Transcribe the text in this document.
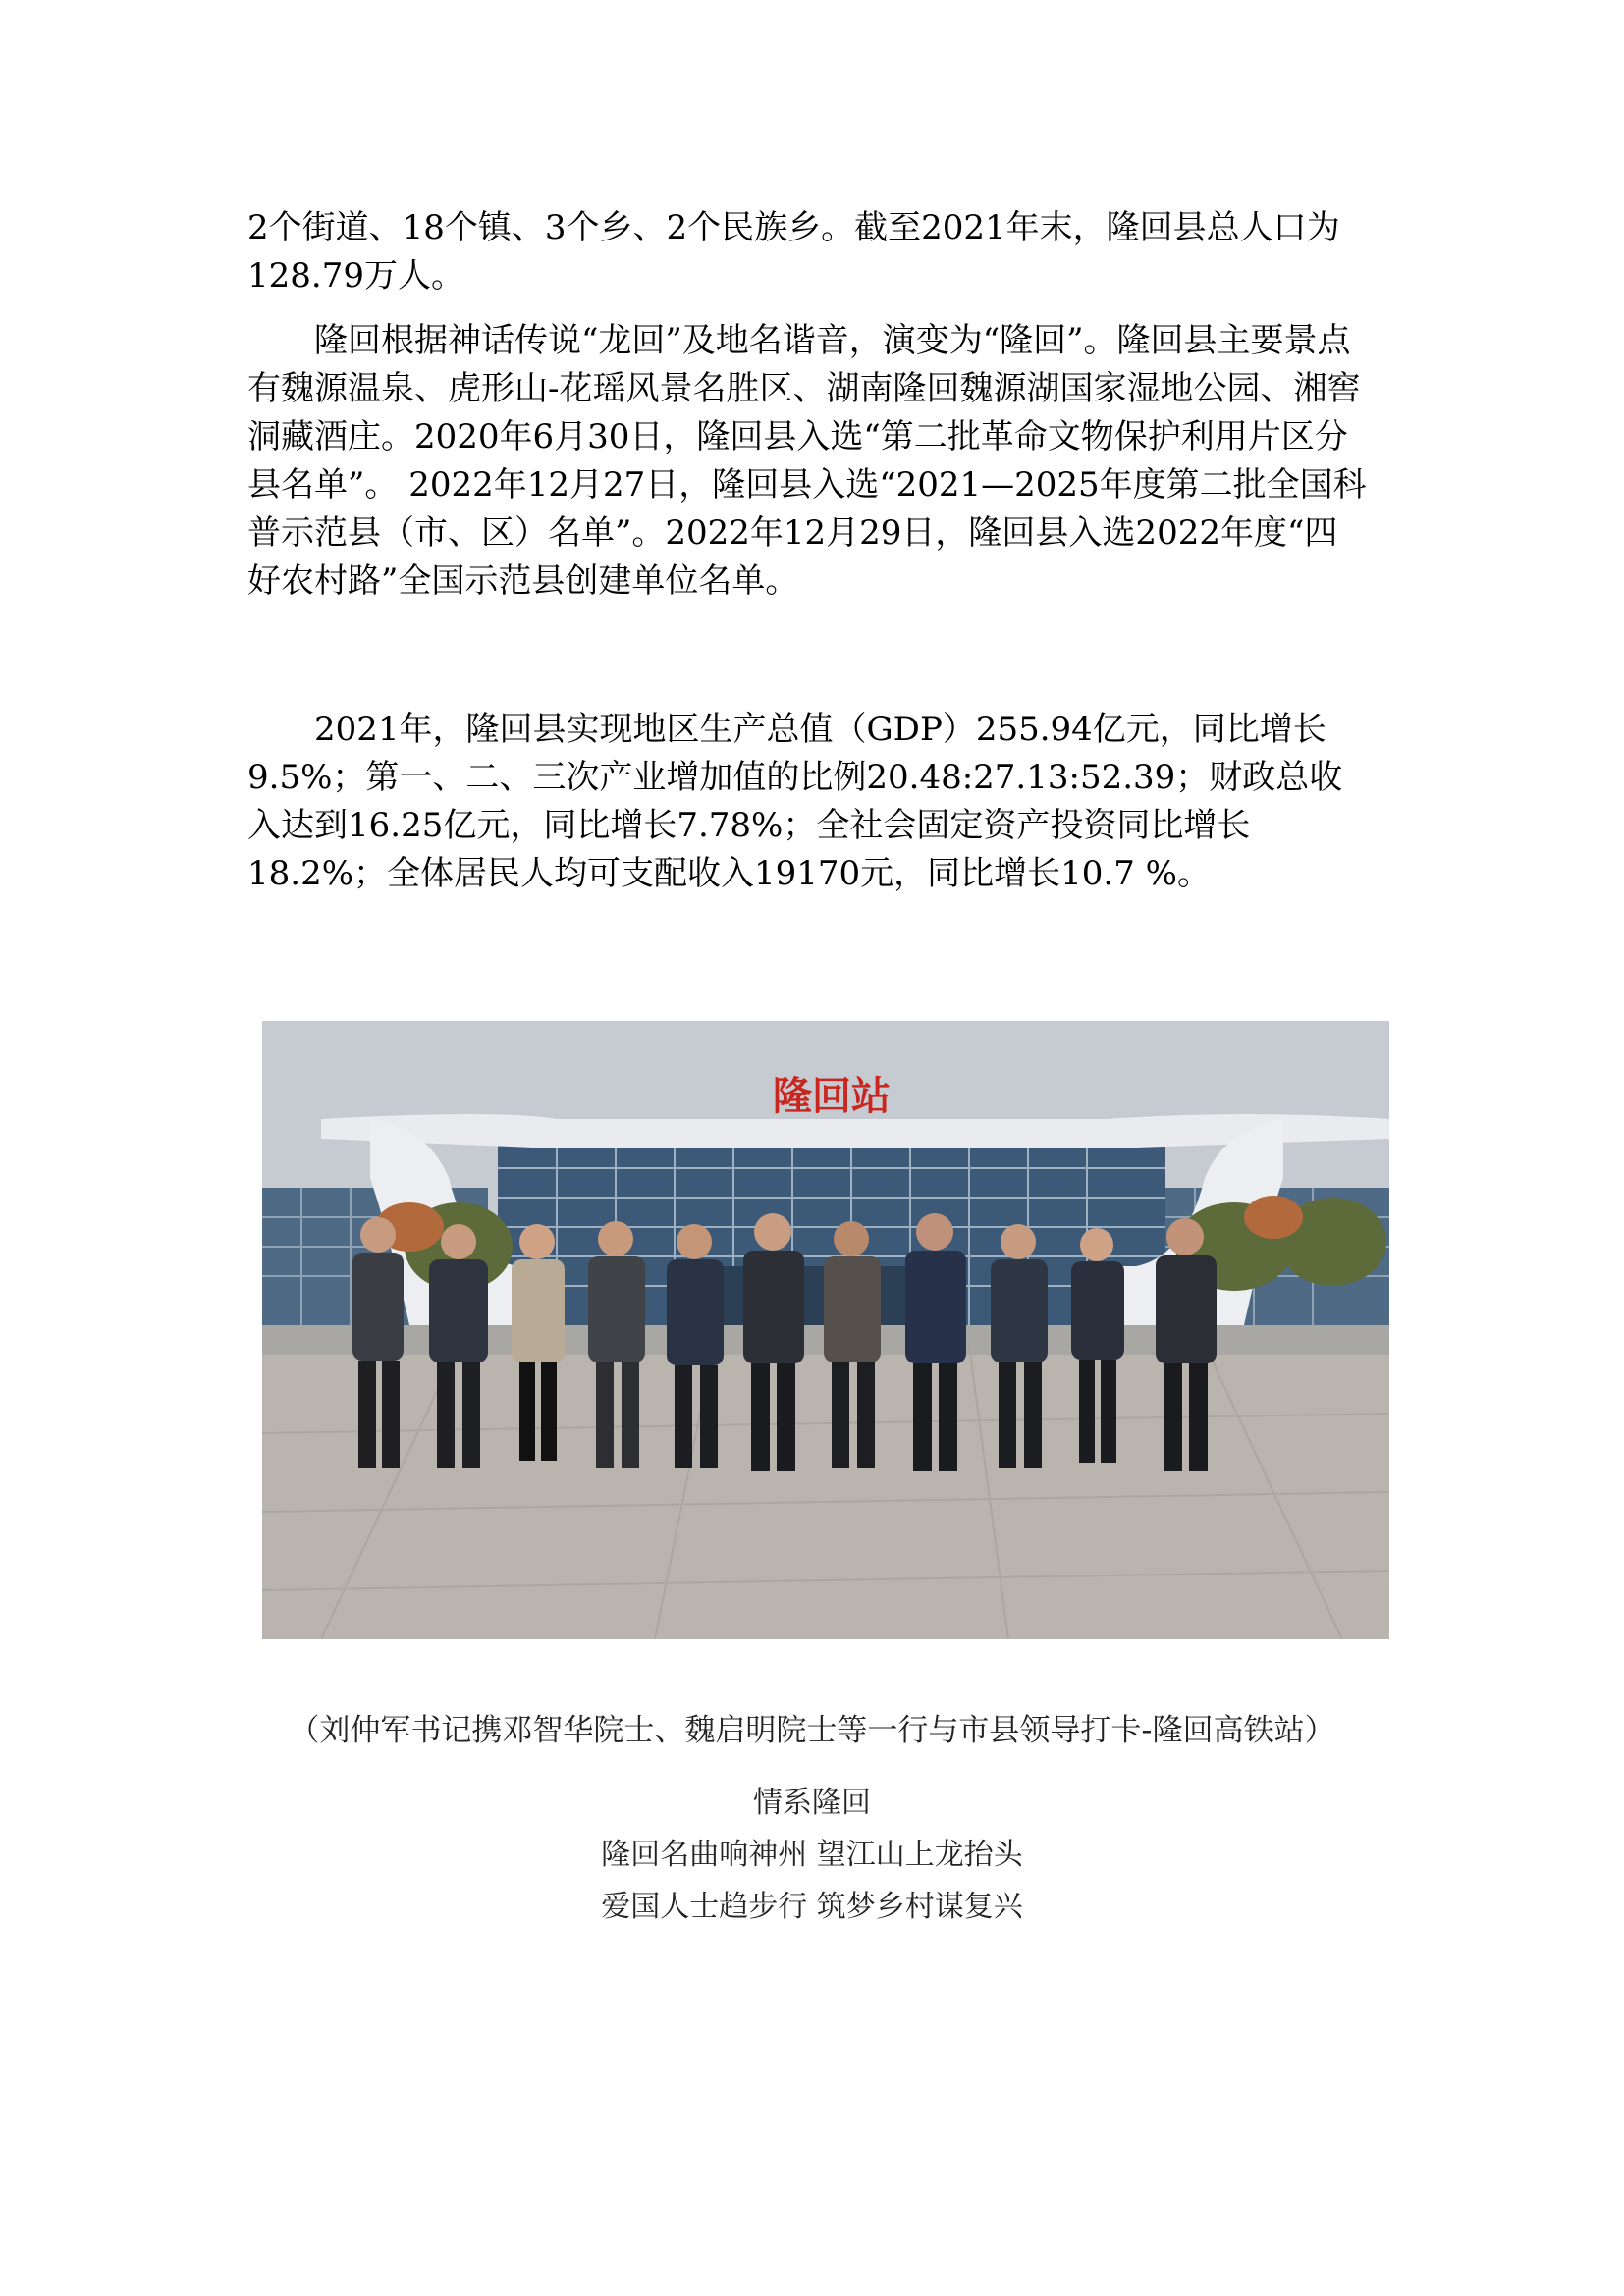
2个街道、18个镇、3个乡、2个民族乡。截至2021年末，隆回县总人口为128.79万人。

隆回根据神话传说“龙回”及地名谐音，演变为“隆回”。隆回县主要景点有魏源温泉、虎形山-花瑶风景名胜区、湖南隆回魏源湖国家湿地公园、湘窖洞藏酒庄。2020年6月30日，隆回县入选“第二批革命文物保护利用片区分县名单”。 2022年12月27日，隆回县入选“2021—2025年度第二批全国科普示范县（市、区）名单”。2022年12月29日，隆回县入选2022年度“四好农村路”全国示范县创建单位名单。

2021年，隆回县实现地区生产总值（GDP）255.94亿元，同比增长9.5%；第一、二、三次产业增加值的比例20.48:27.13:52.39；财政总收入达到16.25亿元，同比增长7.78%；全社会固定资产投资同比增长18.2%；全体居民人均可支配收入19170元，同比增长10.7 %。

隆回站
（刘仲军书记携邓智华院士、魏启明院士等一行与市县领导打卡-隆回高铁站）
情系隆回
隆回名曲响神州 望江山上龙抬头
爱国人士趋步行 筑梦乡村谋复兴
